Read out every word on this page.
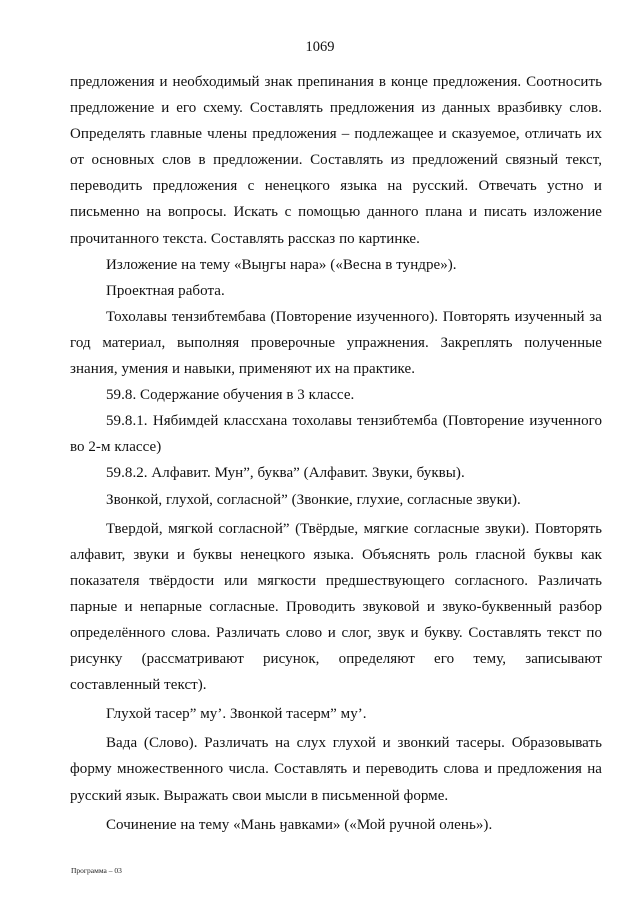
1069

предложения и необходимый знак препинания в конце предложения. Соотносить предложение и его схему. Составлять предложения из данных вразбивку слов. Определять главные члены предложения – подлежащее и сказуемое, отличать их от основных слов в предложении. Составлять из предложений связный текст, переводить предложения с ненецкого языка на русский. Отвечать устно и письменно на вопросы. Искать с помощью данного плана и писать изложение прочитанного текста. Составлять рассказ по картинке.

Изложение на тему «Выӈгы нара» («Весна в тундре»).

Проектная работа.

Тохолавы тензибтембава (Повторение изученного). Повторять изученный за год материал, выполняя проверочные упражнения. Закреплять полученные знания, умения и навыки, применяют их на практике.

59.8. Содержание обучения в 3 классе.

59.8.1. Нябимдей классхана тохолавы тензибтемба (Повторение изученного во 2-м классе)

59.8.2. Алфавит. Мун”, буква” (Алфавит. Звуки, буквы).

Звонкой, глухой, согласной” (Звонкие, глухие, согласные звуки).

Твердой, мягкой согласной” (Твёрдые, мягкие согласные звуки). Повторять алфавит, звуки и буквы ненецкого языка. Объяснять роль гласной буквы как показателя твёрдости или мягкости предшествующего согласного. Различать парные и непарные согласные. Проводить звуковой и звуко-буквенный разбор определённого слова. Различать слово и слог, звук и букву. Составлять текст по рисунку (рассматривают рисунок, определяют его тему, записывают составленный текст).

Глухой тасер” му’. Звонкой тасерм” му’.

Вада (Слово). Различать на слух глухой и звонкий тасеры. Образовывать форму множественного числа. Составлять и переводить слова и предложения на русский язык. Выражать свои мысли в письменной форме.

Сочинение на тему «Мань ӈавками» («Мой ручной олень»).

Программа – 03
